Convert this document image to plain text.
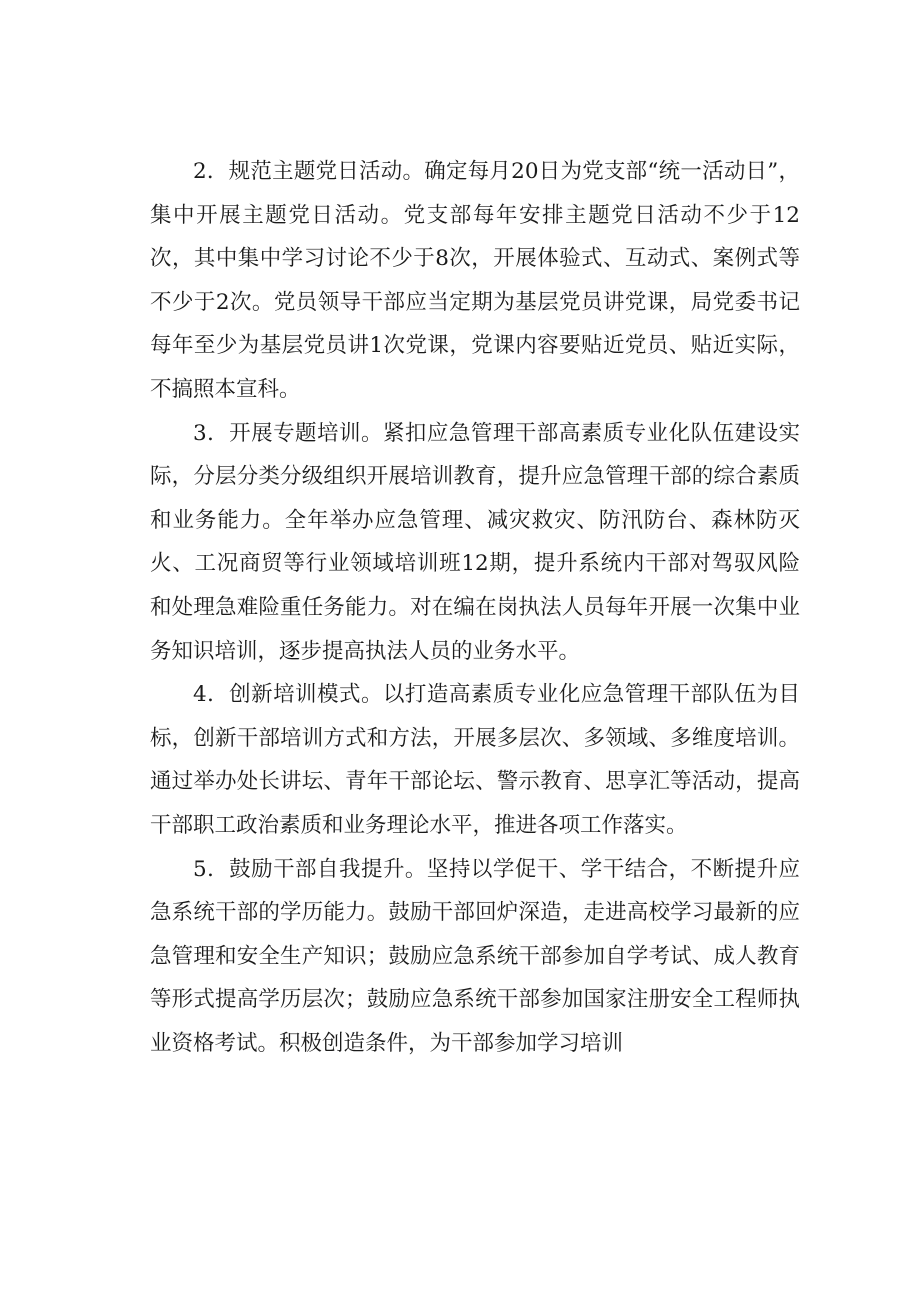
2．规范主题党日活动。确定每月20日为党支部“统一活动日”，集中开展主题党日活动。党支部每年安排主题党日活动不少于12次，其中集中学习讨论不少于8次，开展体验式、互动式、案例式等不少于2次。党员领导干部应当定期为基层党员讲党课，局党委书记每年至少为基层党员讲1次党课，党课内容要贴近党员、贴近实际，不搞照本宣科。

3．开展专题培训。紧扣应急管理干部高素质专业化队伍建设实际，分层分类分级组织开展培训教育，提升应急管理干部的综合素质和业务能力。全年举办应急管理、减灾救灾、防汛防台、森林防灭火、工况商贸等行业领域培训班12期，提升系统内干部对驾驭风险和处理急难险重任务能力。对在编在岗执法人员每年开展一次集中业务知识培训，逐步提高执法人员的业务水平。

4．创新培训模式。以打造高素质专业化应急管理干部队伍为目标，创新干部培训方式和方法，开展多层次、多领域、多维度培训。通过举办处长讲坛、青年干部论坛、警示教育、思享汇等活动，提高干部职工政治素质和业务理论水平，推进各项工作落实。

5．鼓励干部自我提升。坚持以学促干、学干结合，不断提升应急系统干部的学历能力。鼓励干部回炉深造，走进高校学习最新的应急管理和安全生产知识；鼓励应急系统干部参加自学考试、成人教育等形式提高学历层次；鼓励应急系统干部参加国家注册安全工程师执业资格考试。积极创造条件，为干部参加学习培训
